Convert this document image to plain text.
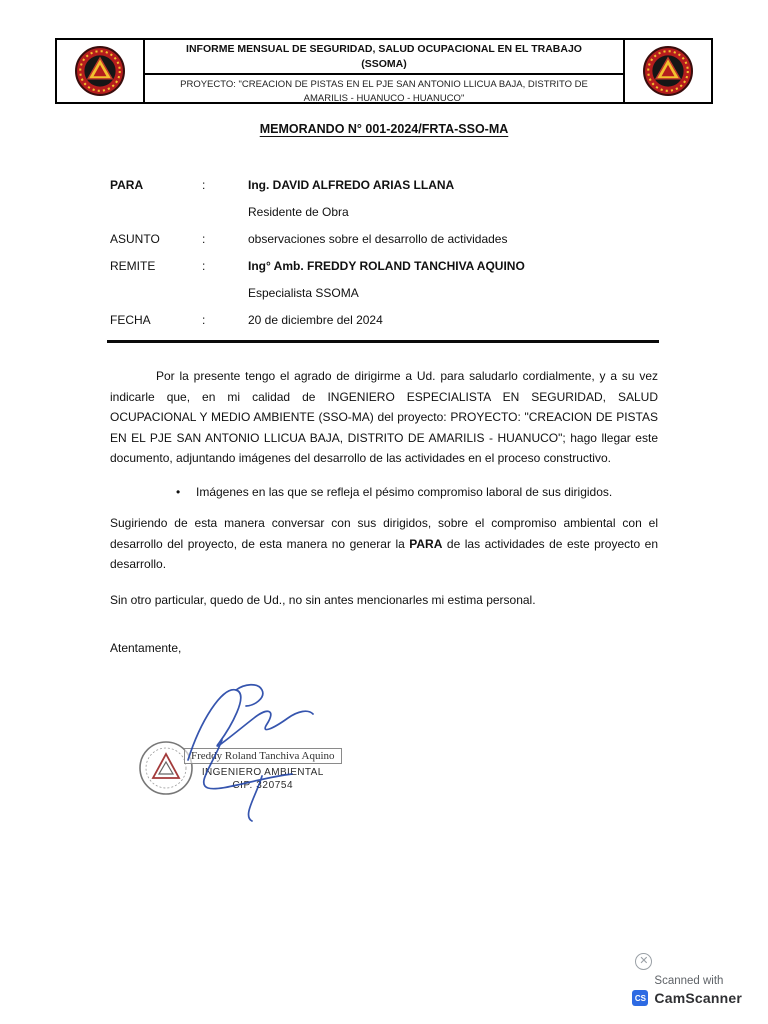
INFORME MENSUAL DE SEGURIDAD, SALUD OCUPACIONAL EN EL TRABAJO
(SSOMA)
PROYECTO: "CREACION DE PISTAS EN EL PJE SAN ANTONIO LLICUA BAJA, DISTRITO DE AMARILIS - HUANUCO - HUANUCO"
MEMORANDO N° 001-2024/FRTA-SSO-MA
PARA	:	Ing. DAVID ALFREDO ARIAS LLANA
Residente de Obra
ASUNTO	:	observaciones sobre el desarrollo de actividades
REMITE	:	Ing° Amb. FREDDY ROLAND TANCHIVA AQUINO
Especialista SSOMA
FECHA	:	20 de diciembre del 2024

Por la presente tengo el agrado de dirigirme a Ud. para saludarlo cordialmente, y a su vez indicarle que, en mi calidad de INGENIERO ESPECIALISTA EN SEGURIDAD, SALUD OCUPACIONAL Y MEDIO AMBIENTE (SSO-MA) del proyecto: PROYECTO: "CREACION DE PISTAS EN EL PJE SAN ANTONIO LLICUA BAJA, DISTRITO DE AMARILIS - HUANUCO"; hago llegar este documento, adjuntando imágenes del desarrollo de las actividades en el proceso constructivo.

•	Imágenes en las que se refleja el pésimo compromiso laboral de sus dirigidos.

Sugiriendo de esta manera conversar con sus dirigidos, sobre el compromiso ambiental con el desarrollo del proyecto, de esta manera no generar la PARA de las actividades de este proyecto en desarrollo.

Sin otro particular, quedo de Ud., no sin antes mencionarles mi estima personal.

Atentamente,
Freddy Roland Tanchiva Aquino
INGENIERO AMBIENTAL
CIP. 320754
✕
Scanned with
CS CamScanner
